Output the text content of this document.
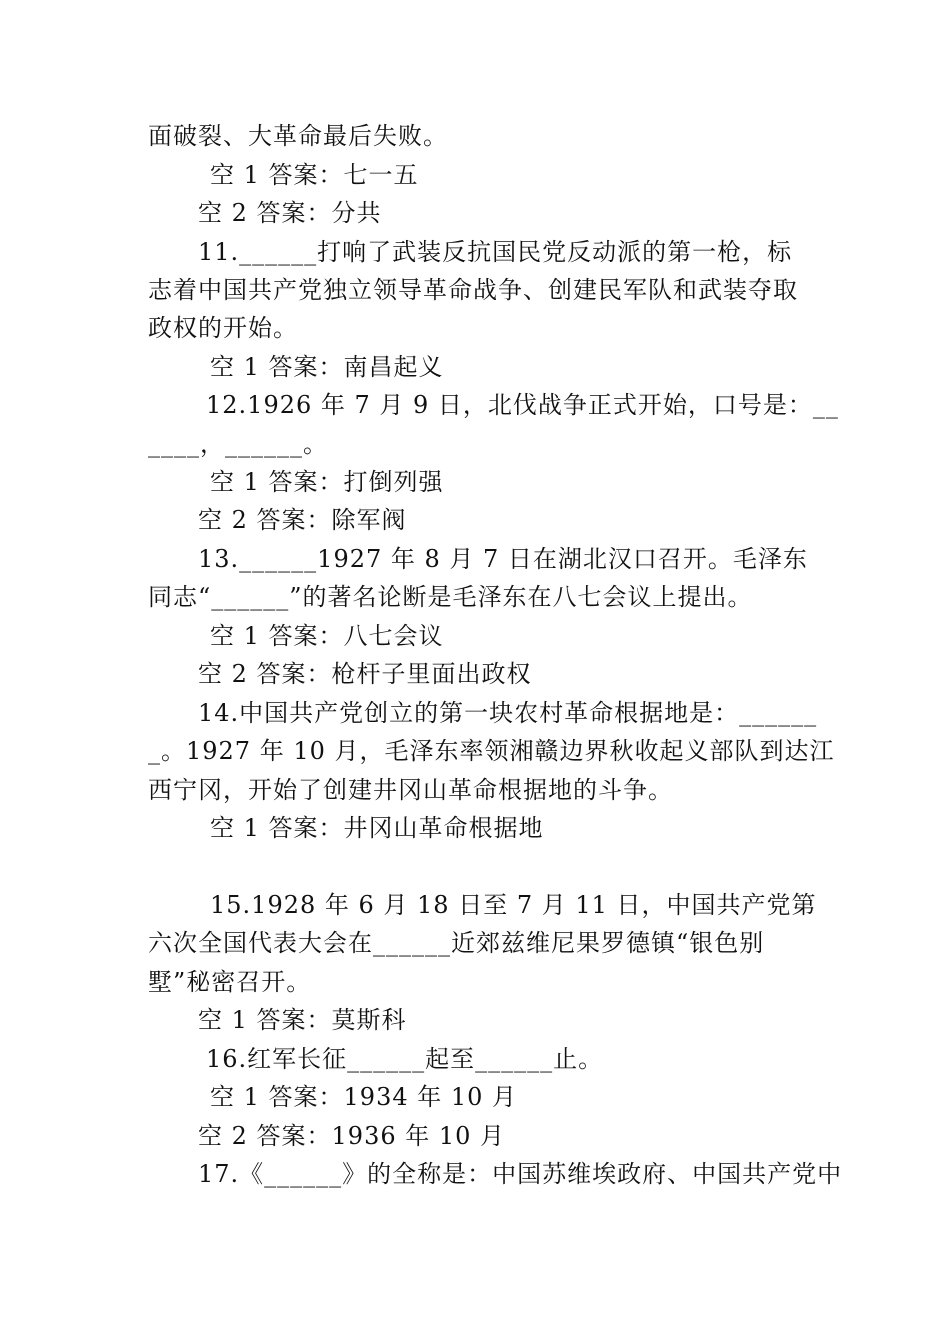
面破裂、大革命最后失败。
空 1 答案：七一五
空 2 答案：分共
11.______打响了武装反抗国民党反动派的第一枪，标
志着中国共产党独立领导革命战争、创建民军队和武装夺取
政权的开始。
空 1 答案：南昌起义
12.1926 年 7 月 9 日，北伐战争正式开始，口号是：__
____，______。
空 1 答案：打倒列强
空 2 答案：除军阀
13.______1927 年 8 月 7 日在湖北汉口召开。毛泽东
同志“______”的著名论断是毛泽东在八七会议上提出。
空 1 答案：八七会议
空 2 答案：枪杆子里面出政权
14.中国共产党创立的第一块农村革命根据地是：______
_。1927 年 10 月，毛泽东率领湘赣边界秋收起义部队到达江
西宁冈，开始了创建井冈山革命根据地的斗争。
空 1 答案：井冈山革命根据地
15.1928 年 6 月 18 日至 7 月 11 日，中国共产党第
六次全国代表大会在______近郊兹维尼果罗德镇“银色别
墅”秘密召开。
空 1 答案：莫斯科
16.红军长征______起至______止。
空 1 答案：1934 年 10 月
空 2 答案：1936 年 10 月
17.《______》的全称是：中国苏维埃政府、中国共产党中
